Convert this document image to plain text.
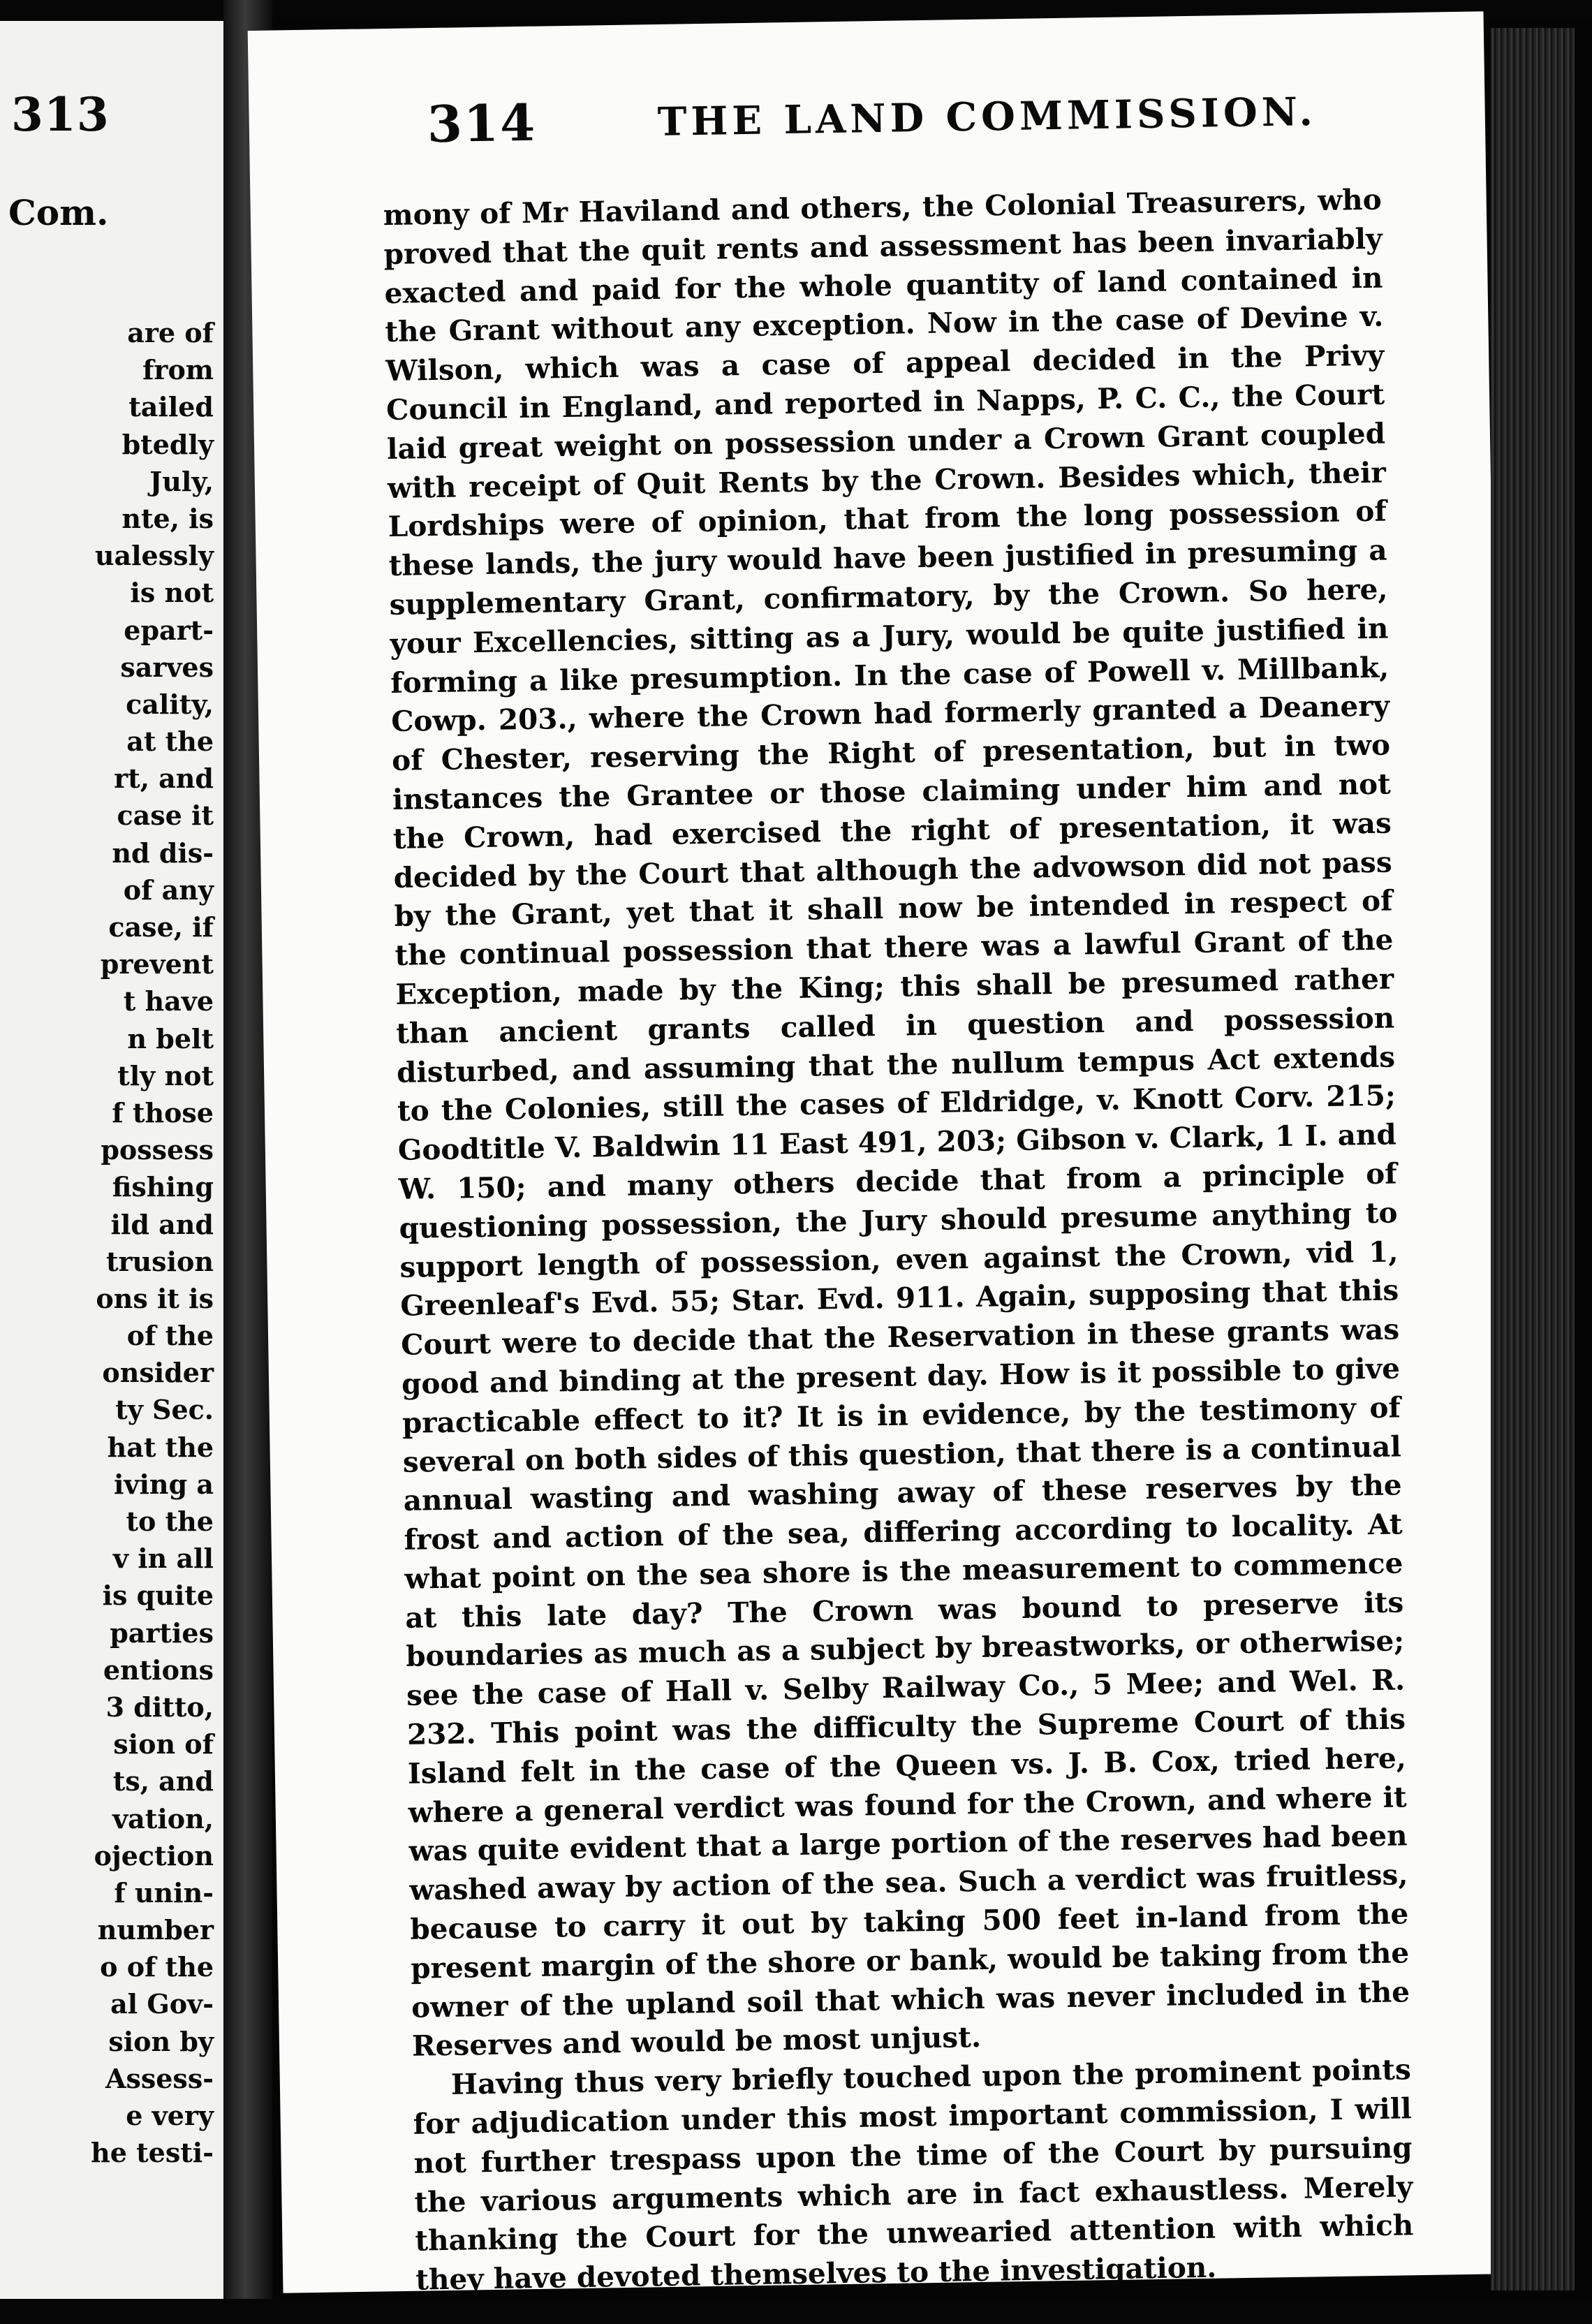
313
Com.
are of
from
tailed
btedly
July,
nte, is
ualessly
is not
epart-
sarves
cality,
at the
rt, and
case it
nd dis-
of any
case, if
prevent
t have
n belt
tly not
f those
possess
fishing
ild and
trusion
ons it is
of the
onsider
ty Sec.
hat the
iving a
to the
v in all
is quite
parties
entions
3 ditto,
sion of
ts, and
vation,
ojection
f unin-
number
o of the
al Gov-
sion by
Assess-
e very
he testi-
314	THE LAND COMMISSION.

mony of Mr Haviland and others, the Colonial Treasurers, who proved that the quit rents and assessment has been invariably exacted and paid for the whole quantity of land contained in the Grant without any exception. Now in the case of Devine v. Wilson, which was a case of appeal decided in the Privy Council in England, and reported in Napps, P. C. C., the Court laid great weight on possession under a Crown Grant coupled with receipt of Quit Rents by the Crown. Besides which, their Lordships were of opinion, that from the long possession of these lands, the jury would have been justified in presuming a supplementary Grant, confirmatory, by the Crown. So here, your Excellencies, sitting as a Jury, would be quite justified in forming a like presumption. In the case of Powell v. Millbank, Cowp. 203., where the Crown had formerly granted a Deanery of Chester, reserving the Right of presentation, but in two instances the Grantee or those claiming under him and not the Crown, had exercised the right of presentation, it was decided by the Court that although the advowson did not pass by the Grant, yet that it shall now be intended in respect of the continual possession that there was a lawful Grant of the Exception, made by the King; this shall be presumed rather than ancient grants called in question and possession disturbed, and assuming that the nullum tempus Act extends to the Colonies, still the cases of Eldridge, v. Knott Corv. 215; Goodtitle V. Baldwin 11 East 491, 203; Gibson v. Clark, 1 I. and W. 150; and many others decide that from a principle of questioning possession, the Jury should presume anything to support length of possession, even against the Crown, vid 1, Greenleaf's Evd. 55; Star. Evd. 911. Again, supposing that this Court were to decide that the Reservation in these grants was good and binding at the present day. How is it possible to give practicable effect to it? It is in evidence, by the testimony of several on both sides of this question, that there is a continual annual wasting and washing away of these reserves by the frost and action of the sea, differing according to locality. At what point on the sea shore is the measurement to commence at this late day? The Crown was bound to preserve its boundaries as much as a subject by breastworks, or otherwise; see the case of Hall v. Selby Railway Co., 5 Mee; and Wel. R. 232. This point was the difficulty the Supreme Court of this Island felt in the case of the Queen vs. J. B. Cox, tried here, where a general verdict was found for the Crown, and where it was quite evident that a large portion of the reserves had been washed away by action of the sea. Such a verdict was fruitless, because to carry it out by taking 500 feet in-land from the present margin of the shore or bank, would be taking from the owner of the upland soil that which was never included in the Reserves and would be most unjust.

Having thus very briefly touched upon the prominent points for adjudication under this most important commission, I will not further trespass upon the time of the Court by pursuing the various arguments which are in fact exhaustless. Merely thanking the Court for the unwearied attention with which they have devoted themselves to the investigation.
